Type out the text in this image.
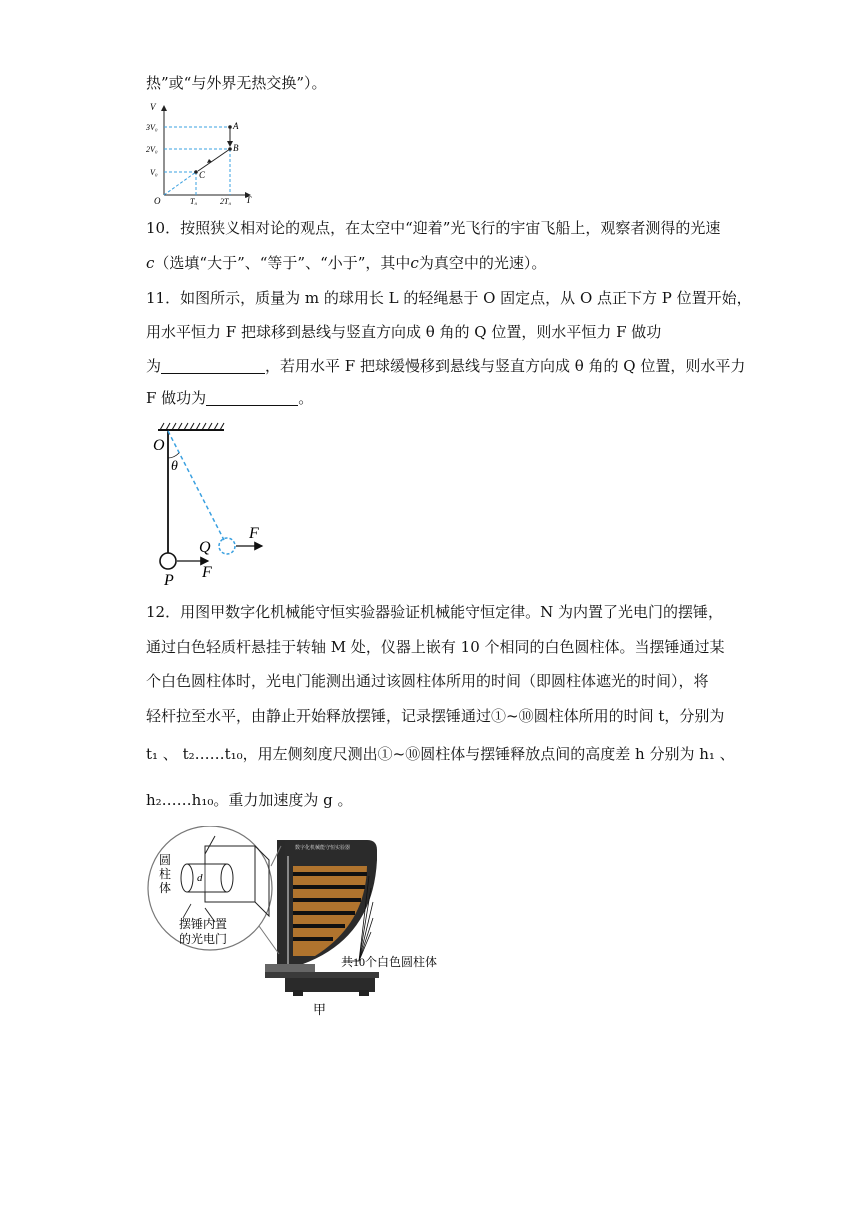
热”或“与外界无热交换”）。
V
T
O
A
B
C
3V₀
2V₀
V₀
T₀	2T₀
10．按照狭义相对论的观点，在太空中“迎着”光飞行的宇宙飞船上，观察者测得的光速
c（选填“大于”、“等于”、“小于”，其中c为真空中的光速）。
11．如图所示，质量为 m 的球用长 L 的轻绳悬于 O 固定点，从 O 点正下方 P 位置开始，
用水平恒力 F 把球移到悬线与竖直方向成 θ 角的 Q 位置，则水平恒力 F 做功
为	，若用水平 F 把球缓慢移到悬线与竖直方向成 θ 角的 Q 位置，则水平力
F 做功为	。
O
θ
Q
P F
F
12．用图甲数字化机械能守恒实验器验证机械能守恒定律。N 为内置了光电门的摆锤，
通过白色轻质杆悬挂于转轴 M 处，仪器上嵌有 10 个相同的白色圆柱体。当摆锤通过某
个白色圆柱体时，光电门能测出通过该圆柱体所用的时间（即圆柱体遮光的时间），将
轻杆拉至水平，由静止开始释放摆锤，记录摆锤通过①~⑩圆柱体所用的时间 t，分别为
t₁ 、 t₂……t₁₀，用左侧刻度尺测出①~⑩圆柱体与摆锤释放点间的高度差 h 分别为 h₁ 、
h₂……h₁₀。重力加速度为 g 。
数字化机械能守恒实验器
共10个白色圆柱体
d
圆
柱
体
摆锤内置
的光电门
甲
